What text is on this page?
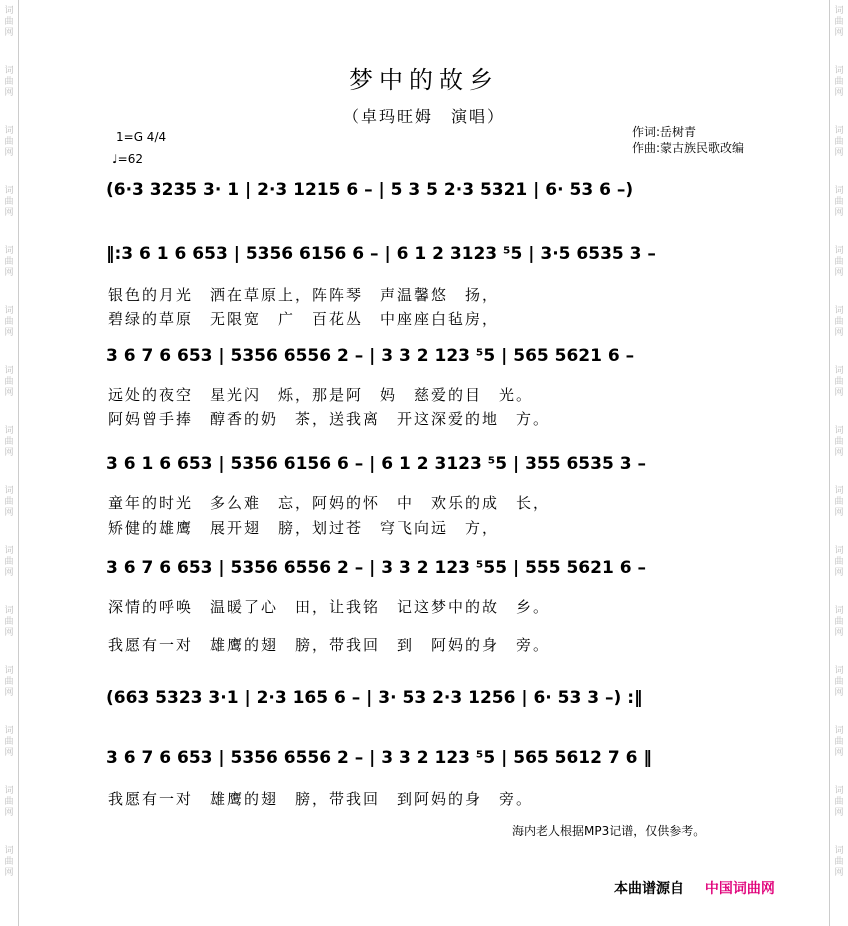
词
曲
网
词
曲
网
词
曲
网
词
曲
网
词
曲
网
词
曲
网
词
曲
网
词
曲
网
词
曲
网
词
曲
网
词
曲
网
词
曲
网
词
曲
网
词
曲
网
词
曲
网
词
曲
网
词
曲
网
词
曲
网
词
曲
网
词
曲
网
词
曲
网
词
曲
网
词
曲
网
词
曲
网
词
曲
网
词
曲
网
词
曲
网
词
曲
网
词
曲
网
词
曲
网
梦中的故乡
（卓玛旺姆　演唱）
1=G 4/4
♩=62
作词:岳树青
作曲:蒙古族民歌改编
(6·3 3235 3· 1 | 2·3 1215 6 – | 5 3 5 2·3 5321 | 6· 53 6 –)
‖:3 6 1 6 653 | 5356 6156 6 – | 6 1 2 3123 ⁵5 | 3·5 6535 3 –
银色的月光　洒在草原上，阵阵琴　声温馨悠　扬，
碧绿的草原　无限宽　广　百花丛　中座座白毡房，
3 6 7 6 653 | 5356 6556 2 – | 3 3 2 123 ⁵5 | 565 5621 6 –
远处的夜空　星光闪　烁，那是阿　妈　慈爱的目　光。
阿妈曾手捧　醇香的奶　茶，送我离　开这深爱的地　方。
3 6 1 6 653 | 5356 6156 6 – | 6 1 2 3123 ⁵5 | 355 6535 3 –
童年的时光　多么难　忘，阿妈的怀　中　欢乐的成　长，
矫健的雄鹰　展开翅　膀，划过苍　穹飞向远　方，
3 6 7 6 653 | 5356 6556 2 – | 3 3 2 123 ⁵55 | 555 5621 6 –
深情的呼唤　温暖了心　田，让我铭　记这梦中的故　乡。
我愿有一对　雄鹰的翅　膀，带我回　到　阿妈的身　旁。
(663 5323 3·1 | 2·3 165 6 – | 3· 53 2·3 1256 | 6· 53 3 –) :‖
3 6 7 6 653 | 5356 6556 2 – | 3 3 2 123 ⁵5 | 565 5612 7 6 ‖
我愿有一对　雄鹰的翅　膀，带我回　到阿妈的身　旁。
海内老人根据MP3记谱，仅供参考。
本曲谱源自 中国词曲网
